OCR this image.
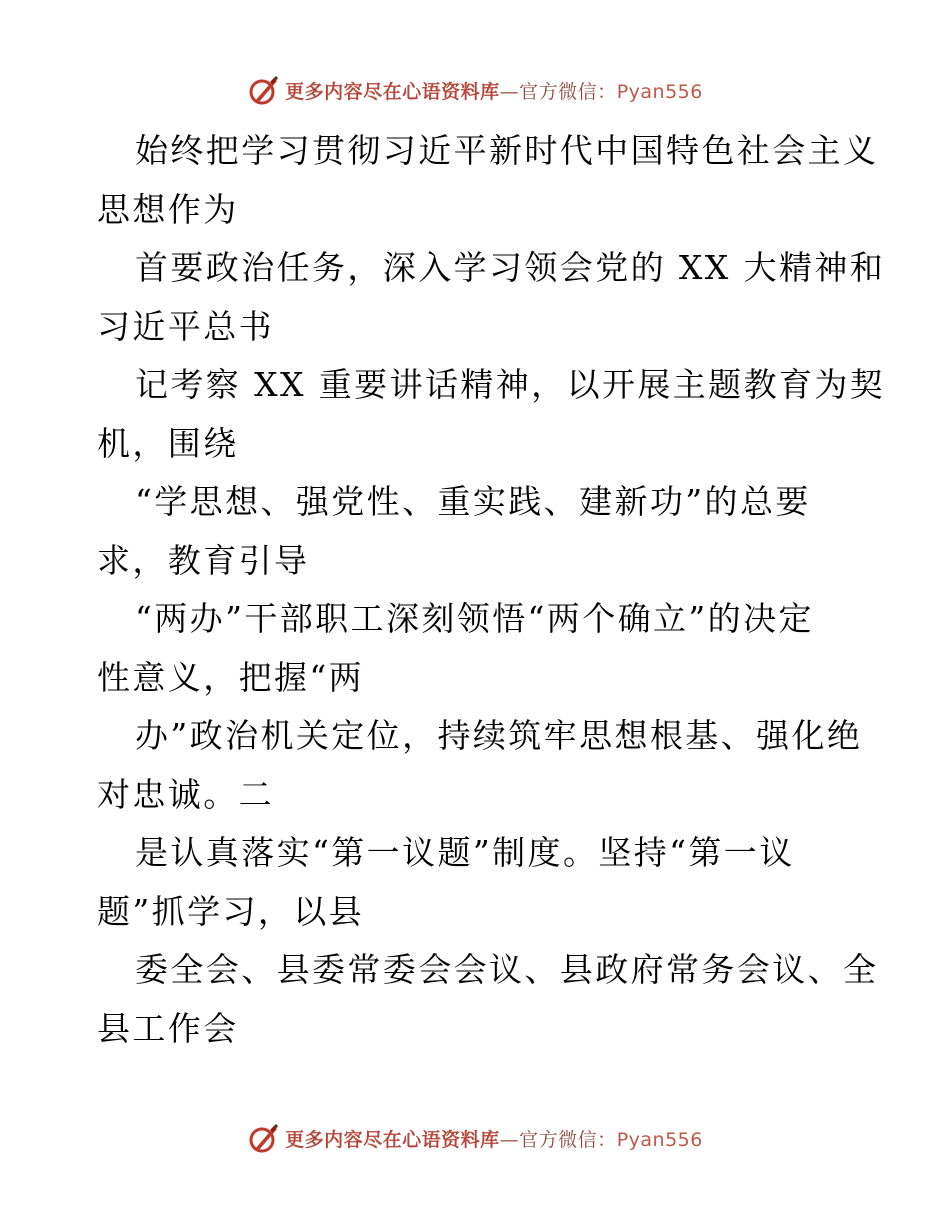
更多内容尽在心语资料库—官方微信：Pyan556
始终把学习贯彻习近平新时代中国特色社会主义
思想作为
首要政治任务，深入学习领会党的 XX 大精神和
习近平总书
记考察 XX 重要讲话精神，以开展主题教育为契
机，围绕
“学思想、强党性、重实践、建新功”的总要
求，教育引导
“两办”干部职工深刻领悟“两个确立”的决定
性意义，把握“两
办”政治机关定位，持续筑牢思想根基、强化绝
对忠诚。二
是认真落实“第一议题”制度。坚持“第一议
题”抓学习，以县
委全会、县委常委会会议、县政府常务会议、全
县工作会
更多内容尽在心语资料库—官方微信：Pyan556
